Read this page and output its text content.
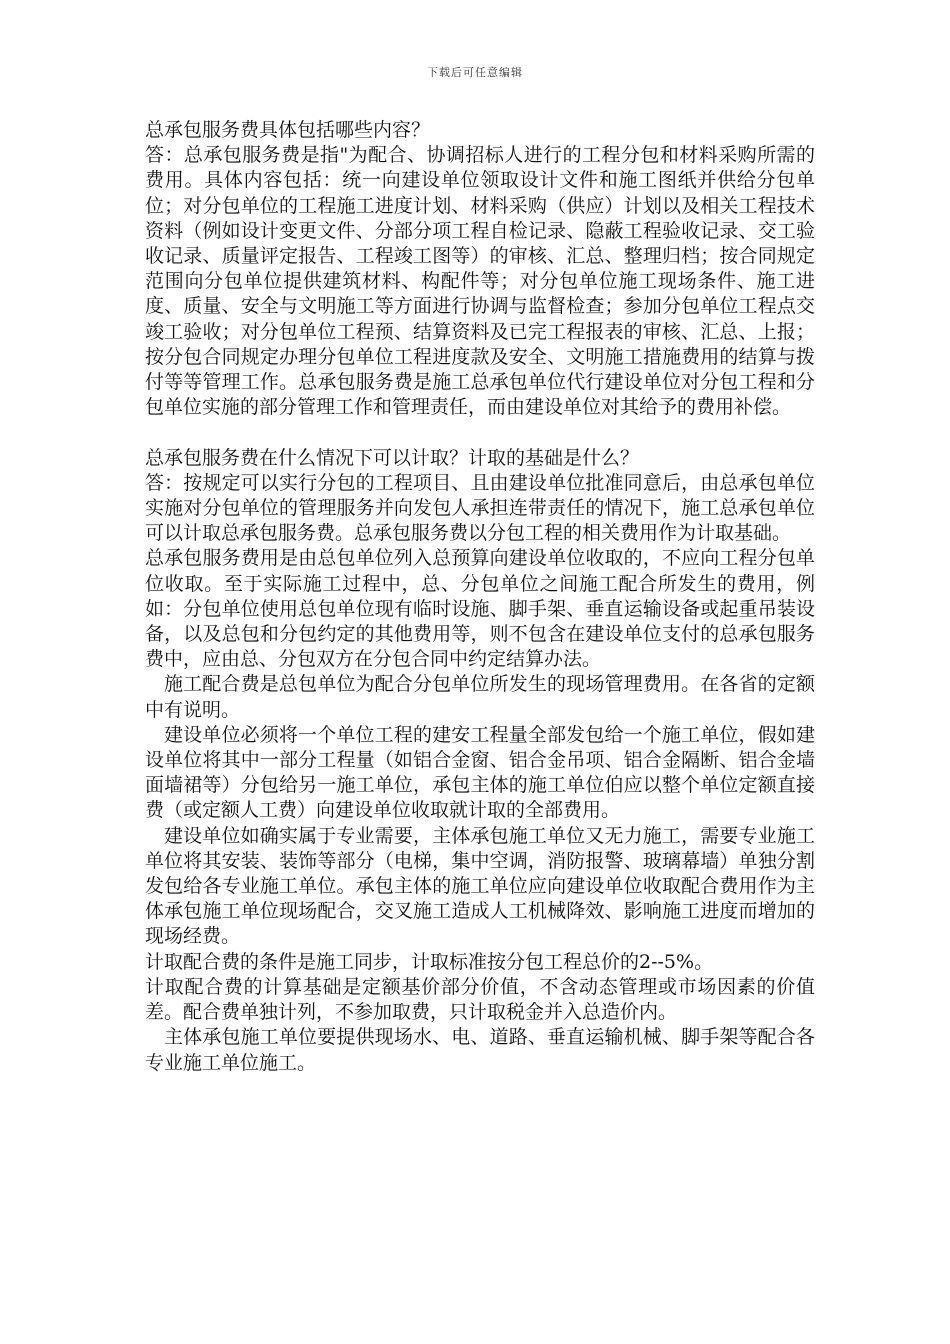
下载后可任意编辑

总承包服务费具体包括哪些内容？

答：总承包服务费是指"为配合、协调招标人进行的工程分包和材料采购所需的费用。具体内容包括：统一向建设单位领取设计文件和施工图纸并供给分包单位；对分包单位的工程施工进度计划、材料采购（供应）计划以及相关工程技术资料（例如设计变更文件、分部分项工程自检记录、隐蔽工程验收记录、交工验收记录、质量评定报告、工程竣工图等）的审核、汇总、整理归档；按合同规定范围向分包单位提供建筑材料、构配件等；对分包单位施工现场条件、施工进度、质量、安全与文明施工等方面进行协调与监督检查；参加分包单位工程点交竣工验收；对分包单位工程预、结算资料及已完工程报表的审核、汇总、上报；按分包合同规定办理分包单位工程进度款及安全、文明施工措施费用的结算与拨付等等管理工作。总承包服务费是施工总承包单位代行建设单位对分包工程和分包单位实施的部分管理工作和管理责任，而由建设单位对其给予的费用补偿。

总承包服务费在什么情况下可以计取？计取的基础是什么？

答：按规定可以实行分包的工程项目、且由建设单位批准同意后，由总承包单位实施对分包单位的管理服务并向发包人承担连带责任的情况下，施工总承包单位可以计取总承包服务费。总承包服务费以分包工程的相关费用作为计取基础。

总承包服务费用是由总包单位列入总预算向建设单位收取的，不应向工程分包单位收取。至于实际施工过程中，总、分包单位之间施工配合所发生的费用，例如：分包单位使用总包单位现有临时设施、脚手架、垂直运输设备或起重吊装设备，以及总包和分包约定的其他费用等，则不包含在建设单位支付的总承包服务费中，应由总、分包双方在分包合同中约定结算办法。

施工配合费是总包单位为配合分包单位所发生的现场管理费用。在各省的定额中有说明。

建设单位必须将一个单位工程的建安工程量全部发包给一个施工单位，假如建设单位将其中一部分工程量（如铝合金窗、铝合金吊项、铝合金隔断、铝合金墙面墙裙等）分包给另一施工单位，承包主体的施工单位伯应以整个单位定额直接费（或定额人工费）向建设单位收取就计取的全部费用。

建设单位如确实属于专业需要，主体承包施工单位又无力施工，需要专业施工单位将其安装、装饰等部分（电梯，集中空调，消防报警、玻璃幕墙）单独分割发包给各专业施工单位。承包主体的施工单位应向建设单位收取配合费用作为主体承包施工单位现场配合，交叉施工造成人工机械降效、影响施工进度而增加的现场经费。

计取配合费的条件是施工同步，计取标准按分包工程总价的2--5%。

计取配合费的计算基础是定额基价部分价值，不含动态管理或市场因素的价值差。配合费单独计列，不参加取费，只计取税金并入总造价内。

主体承包施工单位要提供现场水、电、道路、垂直运输机械、脚手架等配合各专业施工单位施工。
